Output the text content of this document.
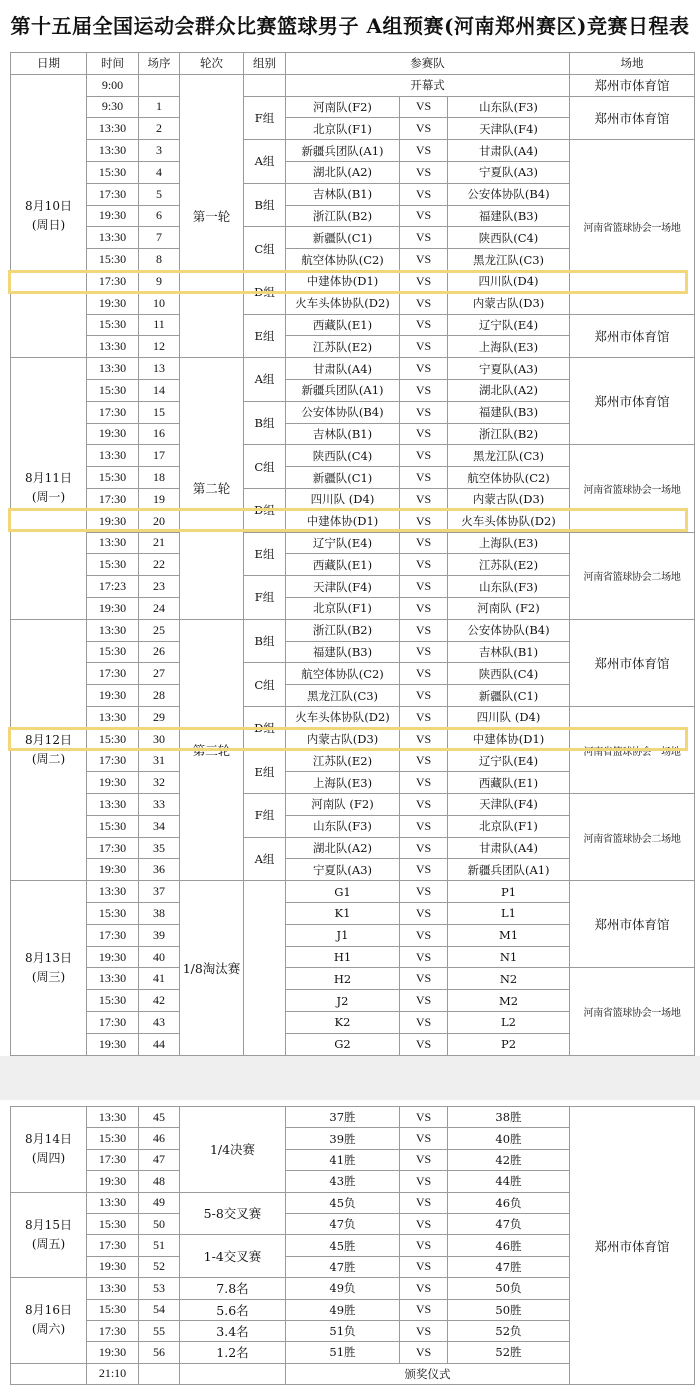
第十五届全国运动会群众比赛篮球男子 A组预赛(河南郑州赛区)竞赛日程表
日期	时间	场序	轮次	组别	参赛队			场地

8月10日
(周日)	9:00		第一轮		开幕式			郑州市体育馆
	9:30	1		F组	河南队(F2)	VS	山东队(F3)	郑州市体育馆
	13:30	2			北京队(F1)	VS	天津队(F4)	
	13:30	3		A组	新疆兵团队(A1)	VS	甘肃队(A4)	河南省篮球协会一场地
	15:30	4			湖北队(A2)	VS	宁夏队(A3)	
	17:30	5		B组	吉林队(B1)	VS	公安体协队(B4)	
	19:30	6			浙江队(B2)	VS	福建队(B3)	
	13:30	7		C组	新疆队(C1)	VS	陕西队(C4)	
	15:30	8			航空体协队(C2)	VS	黑龙江队(C3)	
	17:30	9		D组	中建体协(D1)	VS	四川队(D4)	
	19:30	10			火车头体协队(D2)	VS	内蒙古队(D3)	
	15:30	11		E组	西藏队(E1)	VS	辽宁队(E4)	郑州市体育馆
	13:30	12			江苏队(E2)	VS	上海队(E3)	

8月11日
(周一)	13:30	13	第二轮	A组	甘肃队(A4)	VS	宁夏队(A3)	郑州市体育馆
	15:30	14			新疆兵团队(A1)	VS	湖北队(A2)	
	17:30	15		B组	公安体协队(B4)	VS	福建队(B3)	
	19:30	16			吉林队(B1)	VS	浙江队(B2)	
	13:30	17		C组	陕西队(C4)	VS	黑龙江队(C3)	河南省篮球协会一场地
	15:30	18			新疆队(C1)	VS	航空体协队(C2)	
	17:30	19		D组	四川队 (D4)	VS	内蒙古队(D3)	
	19:30	20			中建体协(D1)	VS	火车头体协队(D2)	
	13:30	21		E组	辽宁队(E4)	VS	上海队(E3)	河南省篮球协会二场地
	15:30	22			西藏队(E1)	VS	江苏队(E2)	
	17:23	23		F组	天津队(F4)	VS	山东队(F3)	
	19:30	24			北京队(F1)	VS	河南队 (F2)	

8月12日
(周二)	13:30	25	第三轮	B组	浙江队(B2)	VS	公安体协队(B4)	郑州市体育馆
	15:30	26			福建队(B3)	VS	吉林队(B1)	
	17:30	27		C组	航空体协队(C2)	VS	陕西队(C4)	
	19:30	28			黑龙江队(C3)	VS	新疆队(C1)	
	13:30	29		D组	火车头体协队(D2)	VS	四川队 (D4)	河南省篮球协会一场地
	15:30	30			内蒙古队(D3)	VS	中建体协(D1)	
	17:30	31		E组	江苏队(E2)	VS	辽宁队(E4)	
	19:30	32			上海队(E3)	VS	西藏队(E1)	
	13:30	33		F组	河南队 (F2)	VS	天津队(F4)	河南省篮球协会二场地
	15:30	34			山东队(F3)	VS	北京队(F1)	
	17:30	35		A组	湖北队(A2)	VS	甘肃队(A4)	
	19:30	36			宁夏队(A3)	VS	新疆兵团队(A1)	

8月13日
(周三)	13:30	37	1/8淘汰赛		G1	VS	P1	郑州市体育馆
	15:30	38			K1	VS	L1	
	17:30	39			J1	VS	M1	
	19:30	40			H1	VS	N1	
	13:30	41			H2	VS	N2	河南省篮球协会一场地
	15:30	42			J2	VS	M2	
	17:30	43			K2	VS	L2	
	19:30	44			G2	VS	P2	
8月14日
(周四)	13:30	45	1/4决赛	37胜	VS	38胜	郑州市体育馆	
	15:30	46		39胜	VS	40胜		
	17:30	47		41胜	VS	42胜		
	19:30	48		43胜	VS	44胜		

8月15日
(周五)	13:30	49	5-8交叉赛	45负	VS	46负		
	15:30	50		47负	VS	47负		
	17:30	51	1-4交叉赛	45胜	VS	46胜		
	19:30	52		47胜	VS	47胜		

8月16日
(周六)	13:30	53	7.8名	49负	VS	50负		
	15:30	54	5.6名	49胜	VS	50胜		
	17:30	55	3.4名	51负	VS	52负		
	19:30	56	1.2名	51胜	VS	52胜		
	21:10			颁奖仪式	
